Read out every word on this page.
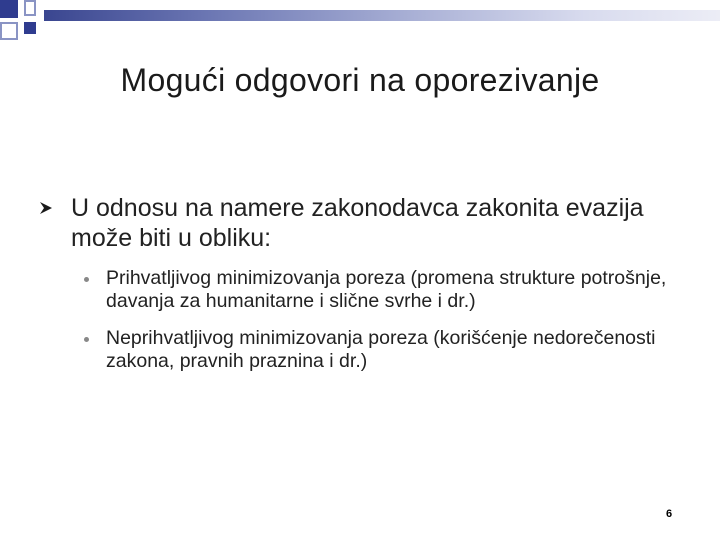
Mogući odgovori na oporezivanje
U odnosu na namere zakonodavca zakonita evazija može biti u obliku:
Prihvatljivog minimizovanja poreza (promena strukture potrošnje, davanja za humanitarne i slične svrhe i dr.)
Neprihvatljivog minimizovanja poreza (korišćenje nedorečenosti zakona, pravnih praznina i dr.)
6
